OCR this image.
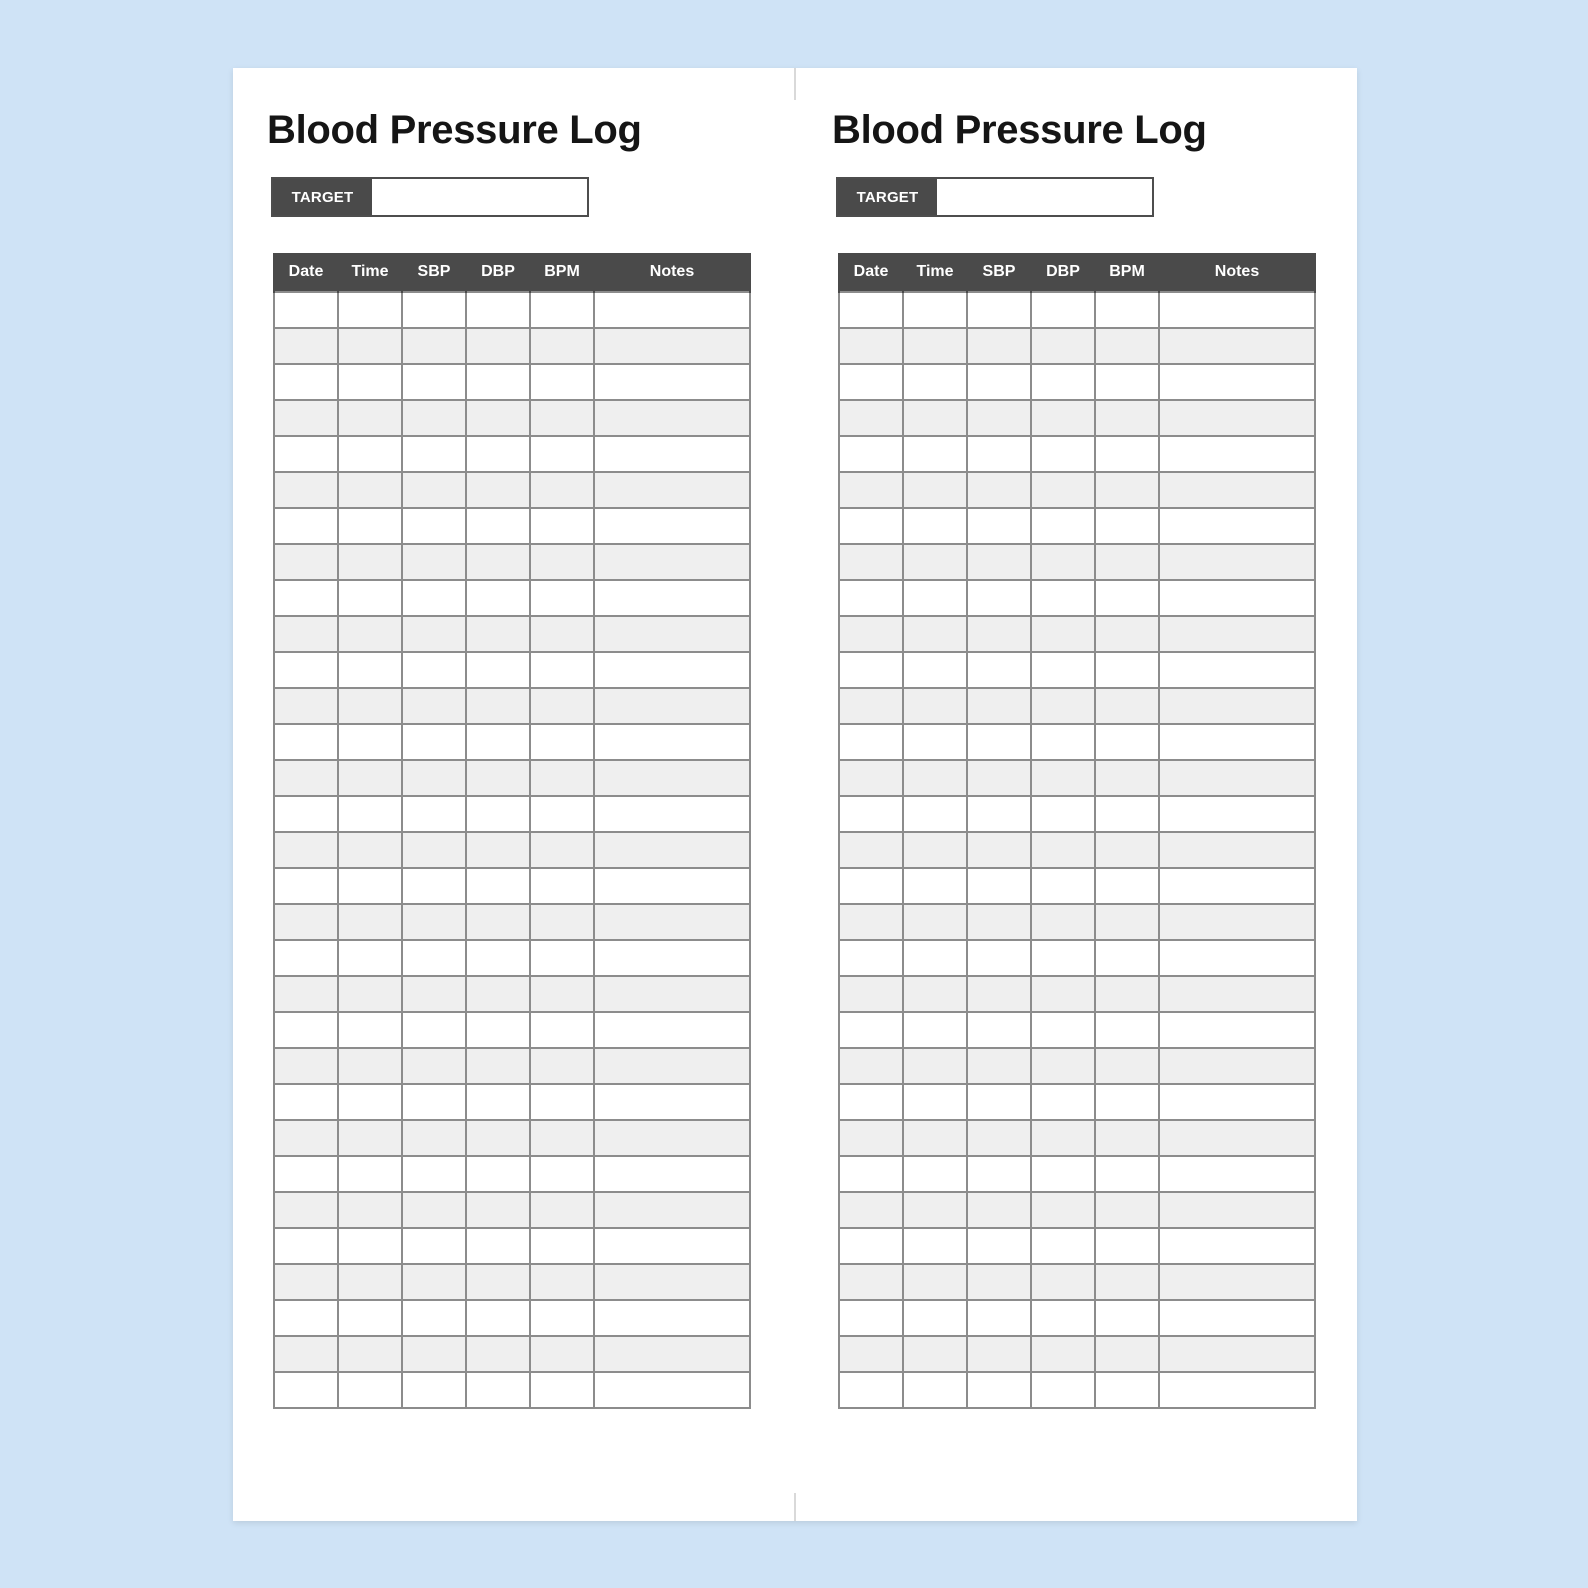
Blood Pressure Log
TARGET
Date	Time	SBP	DBP	BPM	Notes

Blood Pressure Log
TARGET
Date	Time	SBP	DBP	BPM	Notes
